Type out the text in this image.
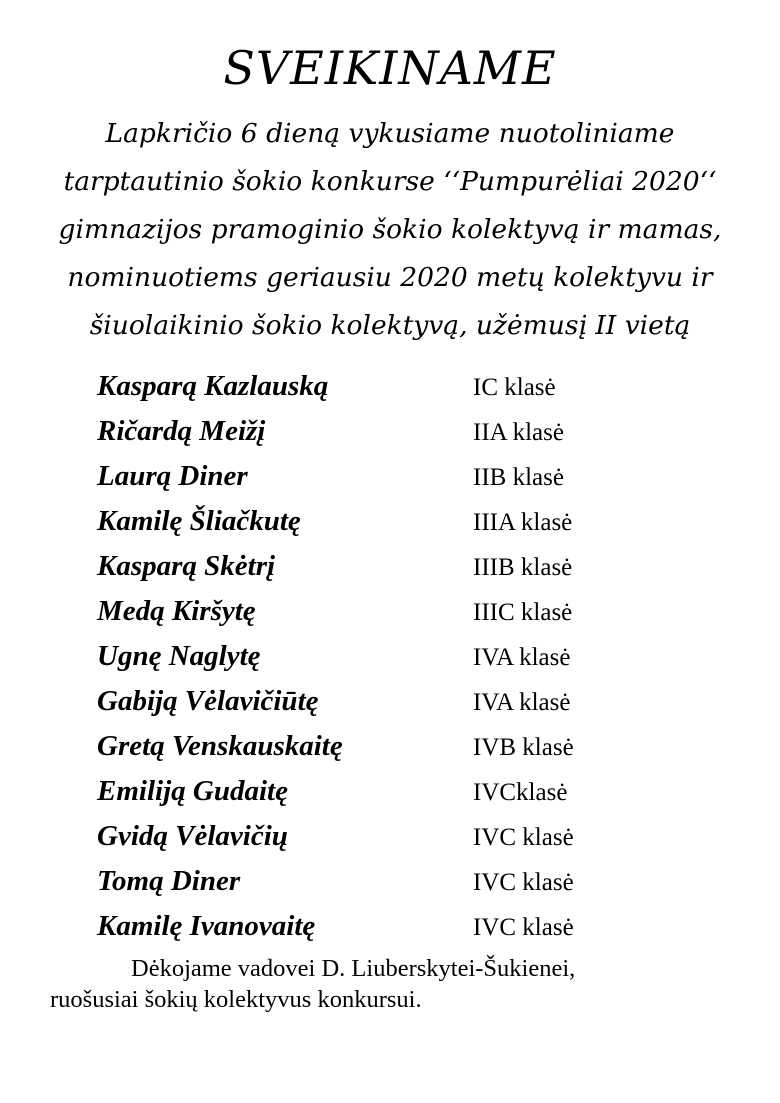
SVEIKINAME

Lapkričio 6 dieną vykusiame nuotoliniame
tarptautinio šokio konkurse ‘‘Pumpurėliai 2020‘‘
gimnazijos pramoginio šokio kolektyvą ir mamas,
nominuotiems geriausiu 2020 metų kolektyvu ir
šiuolaikinio šokio kolektyvą, užėmusį II vietą

Kasparą Kazlauską	IC klasė
Ričardą Meižį	IIA klasė
Laurą Diner	IIB klasė
Kamilę Šliačkutę	IIIA klasė
Kasparą Skėtrį	IIIB klasė
Medą Kiršytę	IIIC klasė
Ugnę Naglytę	IVA klasė
Gabiją Vėlavičiūtę	IVA klasė
Gretą Venskauskaitę	IVB klasė
Emiliją Gudaitę	IVCklasė
Gvidą Vėlavičių	IVC klasė
Tomą Diner	IVC klasė
Kamilę Ivanovaitę	IVC klasė

Dėkojame vadovei D. Liuberskytei-Šukienei,
ruošusiai šokių kolektyvus konkursui.
